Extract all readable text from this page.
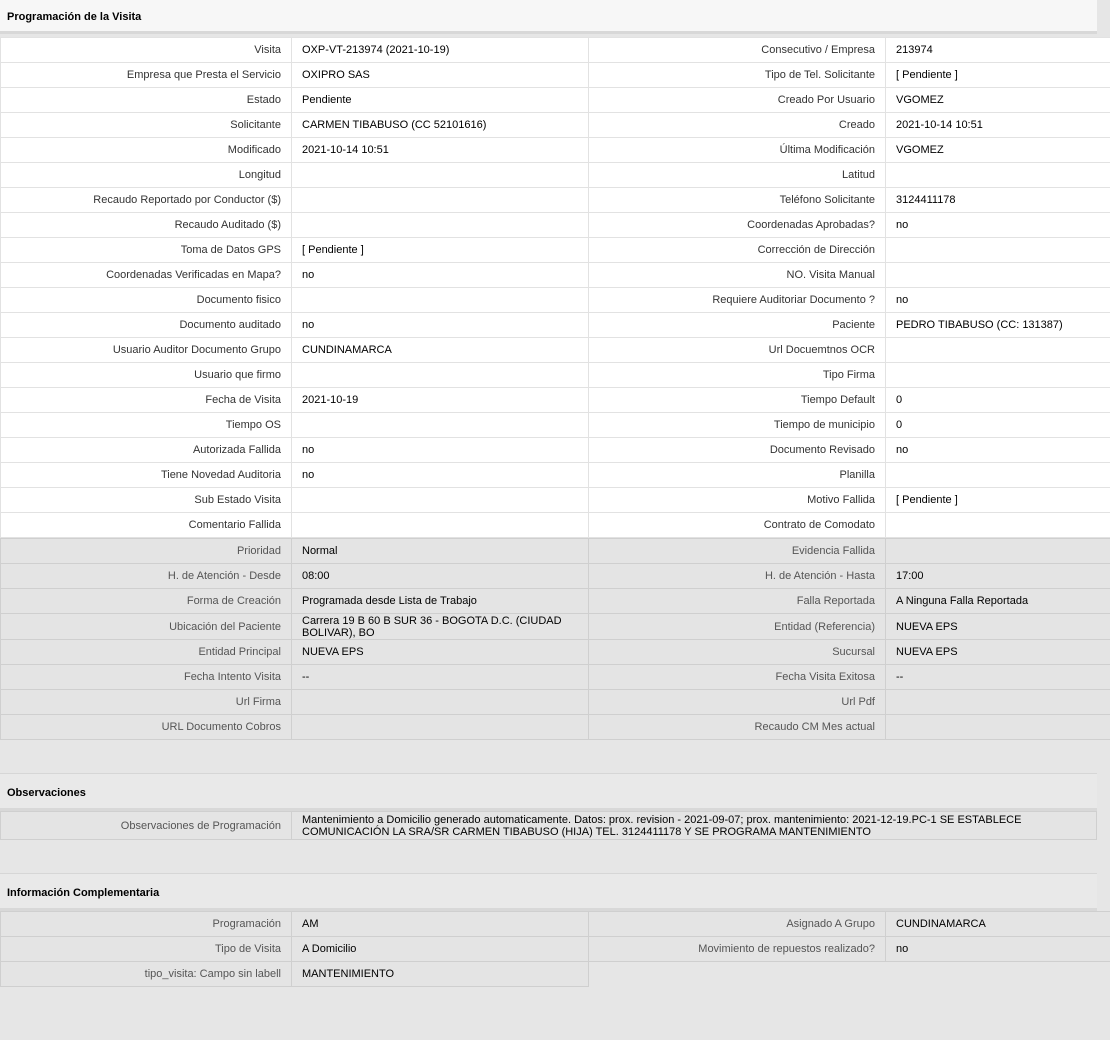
Programación de la Visita
Visita	OXP-VT-213974 (2021-10-19)	Consecutivo / Empresa	213974
Empresa que Presta el Servicio	OXIPRO SAS	Tipo de Tel. Solicitante	[ Pendiente ]
Estado	Pendiente	Creado Por Usuario	VGOMEZ
Solicitante	CARMEN TIBABUSO (CC 52101616)	Creado	2021-10-14 10:51
Modificado	2021-10-14 10:51	Última Modificación	VGOMEZ
Longitud		Latitud	
Recaudo Reportado por Conductor ($)		Teléfono Solicitante	3124411178
Recaudo Auditado ($)		Coordenadas Aprobadas?	no
Toma de Datos GPS	[ Pendiente ]	Corrección de Dirección	
Coordenadas Verificadas en Mapa?	no	NO. Visita Manual	
Documento fisico		Requiere Auditoriar Documento ?	no
Documento auditado	no	Paciente	PEDRO TIBABUSO (CC: 131387)
Usuario Auditor Documento Grupo	CUNDINAMARCA	Url Docuemtnos OCR	
Usuario que firmo		Tipo Firma	
Fecha de Visita	2021-10-19	Tiempo Default	0
Tiempo OS		Tiempo de municipio	0
Autorizada Fallida	no	Documento Revisado	no
Tiene Novedad Auditoria	no	Planilla	
Sub Estado Visita		Motivo Fallida	[ Pendiente ]
Comentario Fallida		Contrato de Comodato	
Prioridad	Normal	Evidencia Fallida	
H. de Atención - Desde	08:00	H. de Atención - Hasta	17:00
Forma de Creación	Programada desde Lista de Trabajo	Falla Reportada	A Ninguna Falla Reportada
Ubicación del Paciente	Carrera 19 B 60 B SUR 36 - BOGOTA D.C. (CIUDAD BOLIVAR), BO	Entidad (Referencia)	NUEVA EPS
Entidad Principal	NUEVA EPS	Sucursal	NUEVA EPS
Fecha Intento Visita	--	Fecha Visita Exitosa	--
Url Firma		Url Pdf	
URL Documento Cobros		Recaudo CM Mes actual	
Observaciones
Observaciones de Programación	Mantenimiento a Domicilio generado automaticamente. Datos: prox. revision - 2021-09-07; prox. mantenimiento: 2021-12-19.PC-1 SE ESTABLECE COMUNICACIÓN LA SRA/SR CARMEN TIBABUSO (HIJA) TEL. 3124411178 Y SE PROGRAMA MANTENIMIENTO
Información Complementaria
Programación	AM	Asignado A Grupo	CUNDINAMARCA
Tipo de Visita	A Domicilio	Movimiento de repuestos realizado?	no
tipo_visita: Campo sin labell	MANTENIMIENTO		
